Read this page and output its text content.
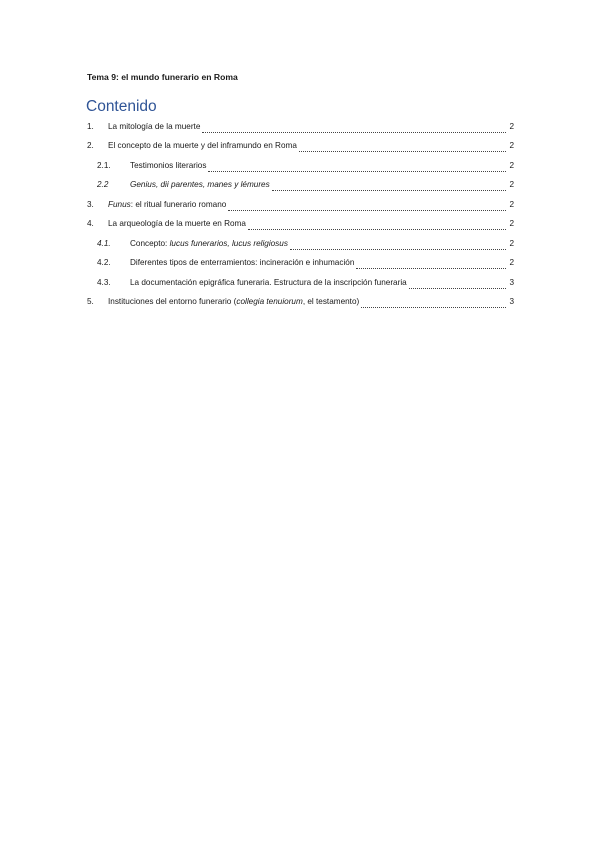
Tema 9: el mundo funerario en Roma
Contenido
1.	La mitología de la muerte	2
2.	El concepto de la muerte y del inframundo en Roma	2
2.1.	Testimonios literarios	2
2.2	Genius, dii parentes, manes y lémures	2
3.	Funus: el ritual funerario romano	2
4.	La arqueología de la muerte en Roma	2
4.1.	Concepto: lucus funerarios, lucus religiosus	2
4.2.	Diferentes tipos de enterramientos: incineración e inhumación	2
4.3.	La documentación epigráfica funeraria. Estructura de la inscripción funeraria	3
5.	Instituciones del entorno funerario (collegia tenuiorum, el testamento)	3
